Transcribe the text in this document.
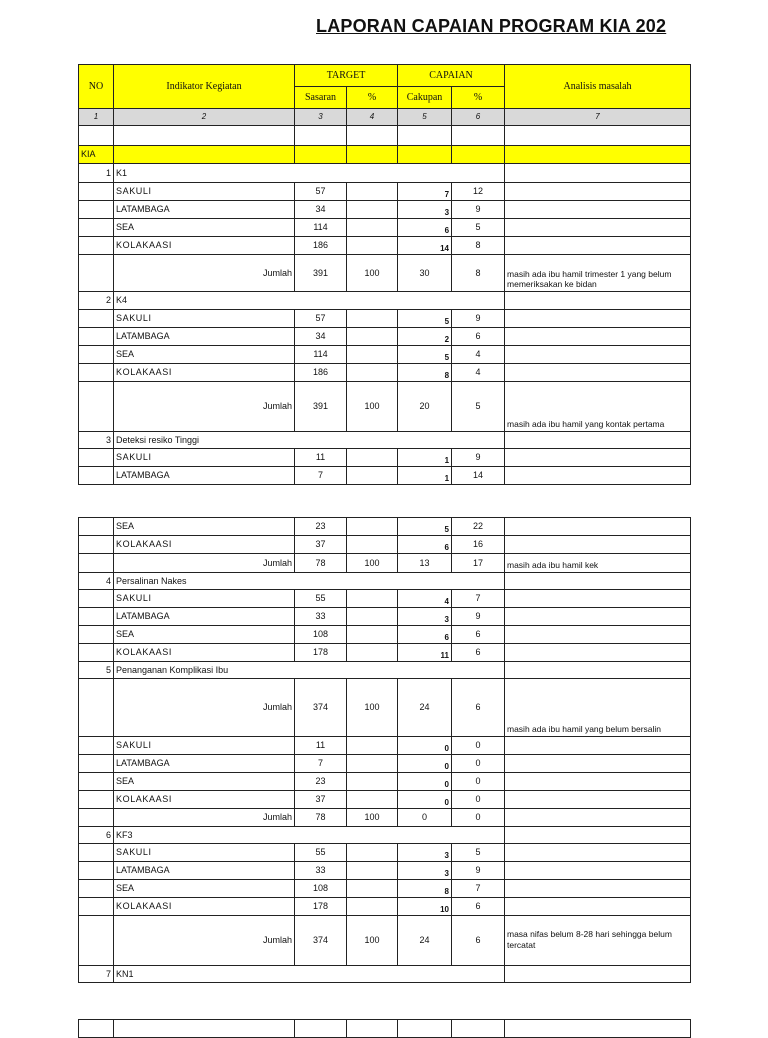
LAPORAN CAPAIAN PROGRAM KIA 202
NO	Indikator Kegiatan	TARGET		CAPAIAN		Analisis masalah
		Sasaran	%	Cakupan	%	
1	2	3	4	5	6	7

KIA						
1	K1					
	SAKULI	57		7	12	
	LATAMBAGA	34		3	9	
	SEA	114		6	5	
	KOLAKAASI	186		14	8	
	Jumlah	391	100	30	8	masih ada ibu hamil trimester 1 yang belum memeriksakan ke bidan
2	K4					
	SAKULI	57		5	9	
	LATAMBAGA	34		2	6	
	SEA	114		5	4	
	KOLAKAASI	186		8	4	
	Jumlah	391	100	20	5	masih ada ibu hamil yang kontak pertama
3	Deteksi resiko Tinggi					
	SAKULI	11		1	9	
	LATAMBAGA	7		1	14	
	SEA	23		5	22	
	KOLAKAASI	37		6	16	
	Jumlah	78	100	13	17	masih ada ibu hamil kek
4	Persalinan Nakes					
	SAKULI	55		4	7	
	LATAMBAGA	33		3	9	
	SEA	108		6	6	
	KOLAKAASI	178		11	6	
5	Penanganan Komplikasi Ibu					
	Jumlah	374	100	24	6	masih ada ibu hamil yang belum bersalin
	SAKULI	11		0	0	
	LATAMBAGA	7		0	0	
	SEA	23		0	0	
	KOLAKAASI	37		0	0	
	Jumlah	78	100	0	0	
6	KF3					
	SAKULI	55		3	5	
	LATAMBAGA	33		3	9	
	SEA	108		8	7	
	KOLAKAASI	178		10	6	
	Jumlah	374	100	24	6	masa nifas belum 8-28 hari sehingga belum tercatat
7	KN1					
